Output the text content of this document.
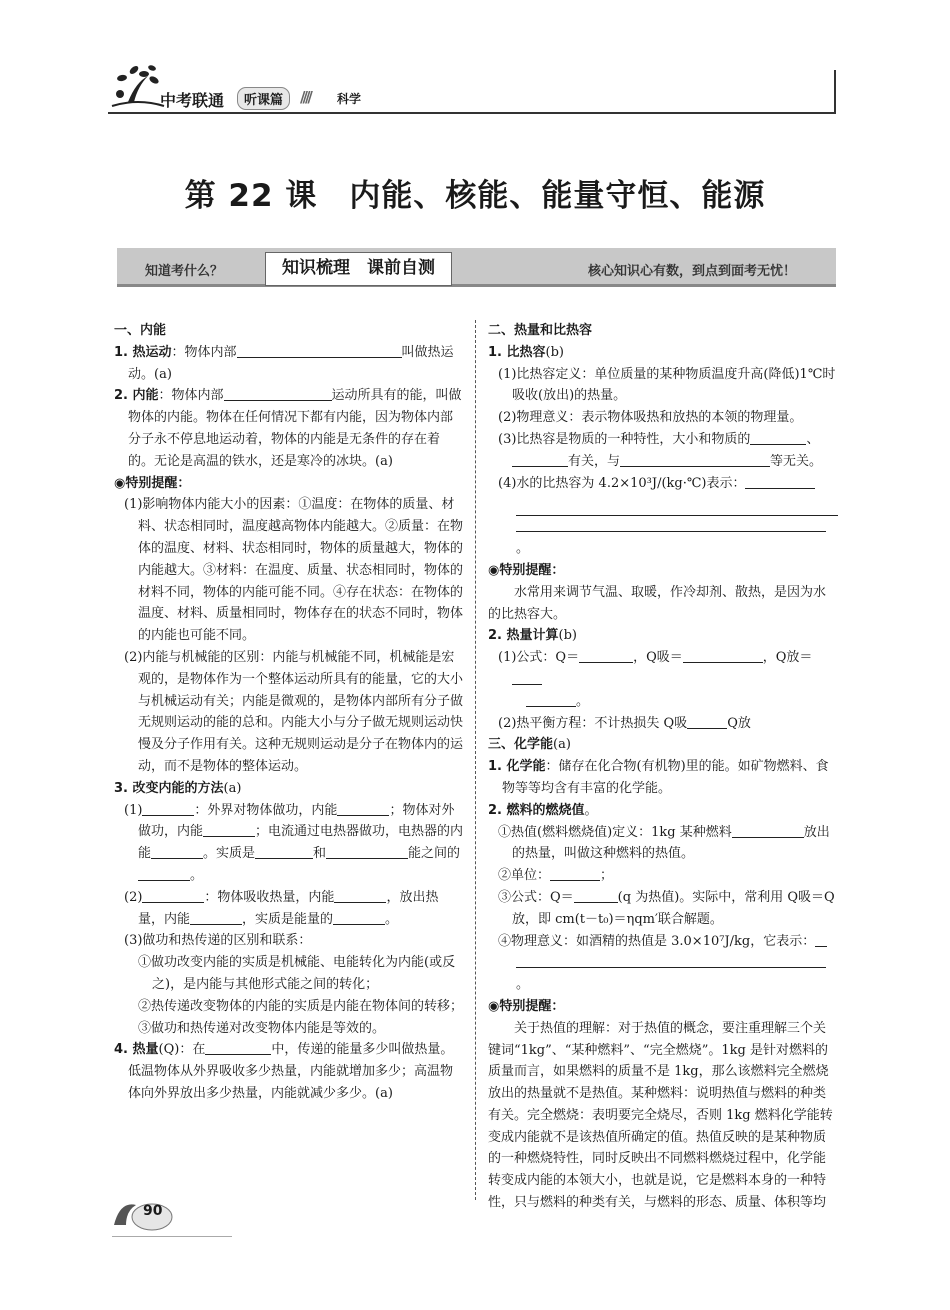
中考联通	听课篇	//// 科学
第 22 课　内能、核能、能量守恒、能源
知道考什么？	知识梳理　课前自测	核心知识心有数，到点到面考无忧！

一、内能

1. 热运动：物体内部	叫做热运动。(a)

2. 内能：物体内部	运动所具有的能，叫做物体的内能。物体在任何情况下都有内能，因为物体内部分子永不停息地运动着，物体的内能是无条件的存在着的。无论是高温的铁水，还是寒冷的冰块。(a)

◉特别提醒：

(1)影响物体内能大小的因素：①温度：在物体的质量、材料、状态相同时，温度越高物体内能越大。②质量：在物体的温度、材料、状态相同时，物体的质量越大，物体的内能越大。③材料：在温度、质量、状态相同时，物体的材料不同，物体的内能可能不同。④存在状态：在物体的温度、材料、质量相同时，物体存在的状态不同时，物体的内能也可能不同。

(2)内能与机械能的区别：内能与机械能不同，机械能是宏观的，是物体作为一个整体运动所具有的能量，它的大小与机械运动有关；内能是微观的，是物体内部所有分子做无规则运动的能的总和。内能大小与分子做无规则运动快慢及分子作用有关。这种无规则运动是分子在物体内的运动，而不是物体的整体运动。

3. 改变内能的方法(a)

(1)	：外界对物体做功，内能	；物体对外做功，内能	；电流通过电热器做功，电热器的内能	。实质是	和	能之间的。

(2)	：物体吸收热量，内能	，放出热量，内能	，实质是能量的	。

(3)做功和热传递的区别和联系：

①做功改变内能的实质是机械能、电能转化为内能(或反之)，是内能与其他形式能之间的转化；

②热传递改变物体的内能的实质是内能在物体间的转移；

③做功和热传递对改变物体内能是等效的。

4. 热量(Q)：在	中，传递的能量多少叫做热量。低温物体从外界吸收多少热量，内能就增加多少；高温物体向外界放出多少热量，内能就减少多少。(a)

二、热量和比热容

1. 比热容(b)

(1)比热容定义：单位质量的某种物质温度升高(降低)1℃时吸收(放出)的热量。

(2)物理意义：表示物体吸热和放热的本领的物理量。

(3)比热容是物质的一种特性，大小和物质的	、有关，与	等无关。

(4)水的比热容为 4.2×10³J/(kg·℃)表示：

。

◉特别提醒：

水常用来调节气温、取暖，作冷却剂、散热，是因为水的比热容大。

2. 热量计算(b)

(1)公式：Q＝	，Q吸＝	，Q放＝
。

(2)热平衡方程：不计热损失 Q吸	Q放

三、化学能(a)

1. 化学能：储存在化合物(有机物)里的能。如矿物燃料、食物等等均含有丰富的化学能。

2. 燃料的燃烧值。

①热值(燃料燃烧值)定义：1kg 某种燃料	放出的热量，叫做这种燃料的热值。

②单位：	；

③公式：Q＝	(q 为热值)。实际中，常利用 Q吸＝Q放，即 cm(t－t₀)＝ηqm′联合解题。

④物理意义：如酒精的热值是 3.0×10⁷J/kg，它表示：

。

◉特别提醒：

关于热值的理解：对于热值的概念，要注重理解三个关键词“1kg”、“某种燃料”、“完全燃烧”。1kg 是针对燃料的质量而言，如果燃料的质量不是 1kg，那么该燃料完全燃烧放出的热量就不是热值。某种燃料：说明热值与燃料的种类有关。完全燃烧：表明要完全烧尽，否则 1kg 燃料化学能转变成内能就不是该热值所确定的值。热值反映的是某种物质的一种燃烧特性，同时反映出不同燃料燃烧过程中，化学能转变成内能的本领大小，也就是说，它是燃料本身的一种特性，只与燃料的种类有关，与燃料的形态、质量、体积等均

90
